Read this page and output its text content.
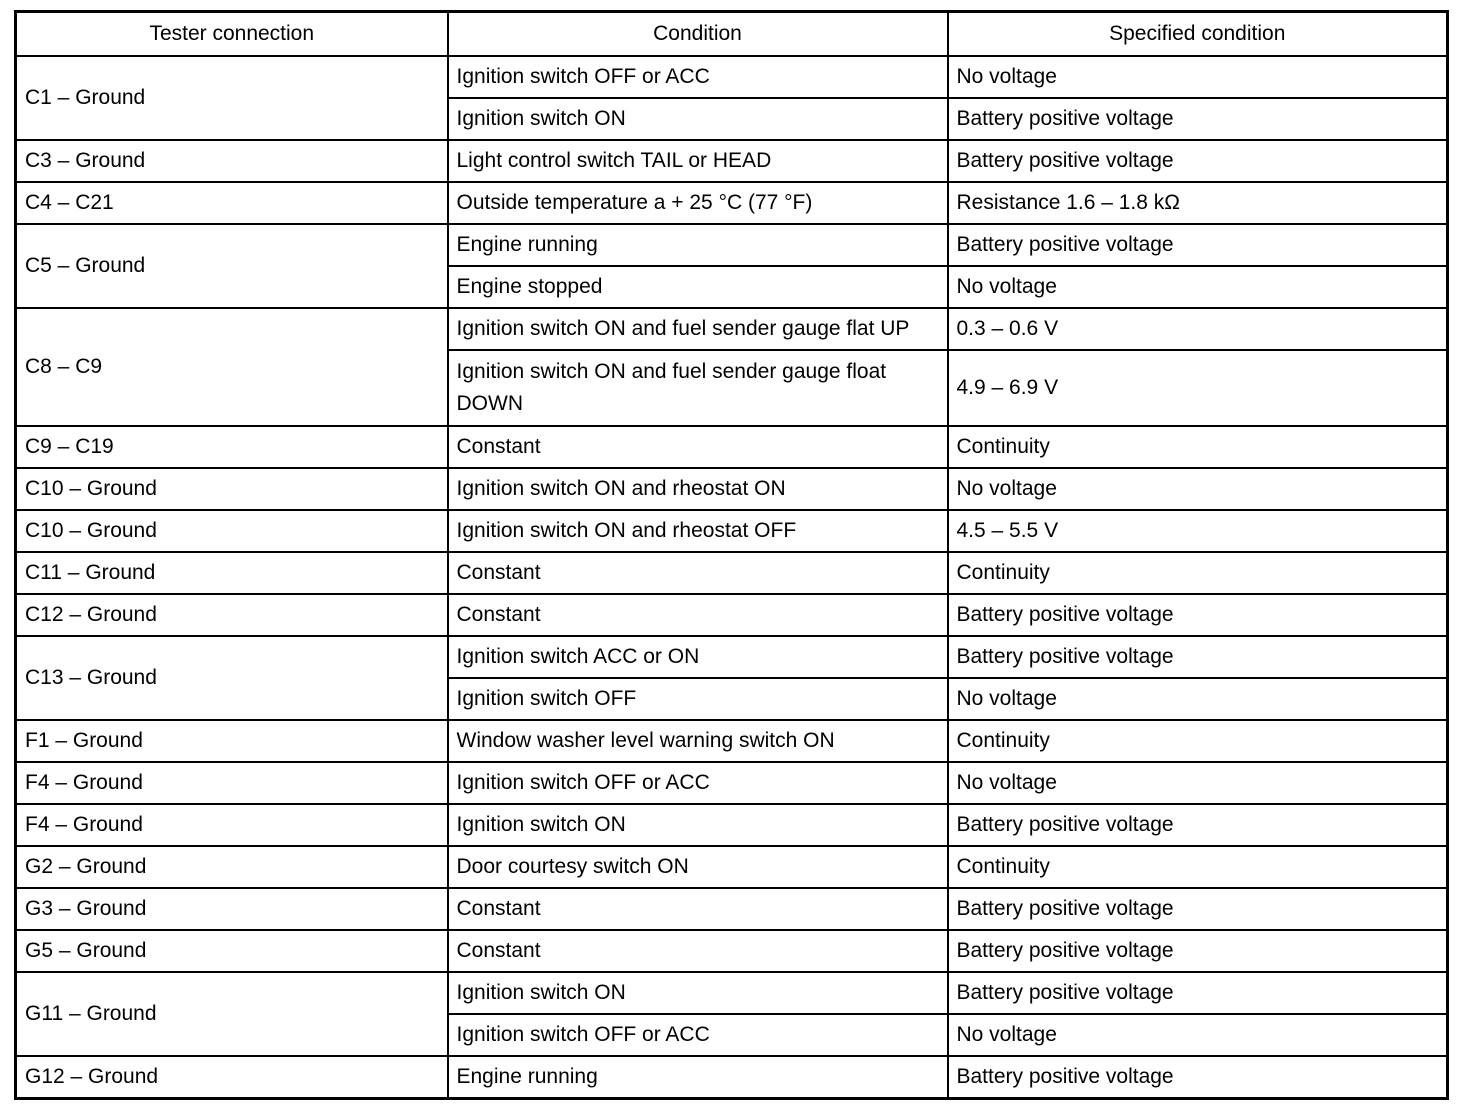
Tester connection	Condition	Specified condition
C1 – Ground	Ignition switch OFF or ACC	No voltage
	Ignition switch ON	Battery positive voltage
C3 – Ground	Light control switch TAIL or HEAD	Battery positive voltage
C4 – C21	Outside temperature a + 25 °C (77 °F)	Resistance 1.6 – 1.8 kΩ
C5 – Ground	Engine running	Battery positive voltage
	Engine stopped	No voltage
C8 – C9	Ignition switch ON and fuel sender gauge flat UP	0.3 – 0.6 V
	Ignition switch ON and fuel sender gauge float DOWN	4.9 – 6.9 V
C9 – C19	Constant	Continuity
C10 – Ground	Ignition switch ON and rheostat ON	No voltage
C10 – Ground	Ignition switch ON and rheostat OFF	4.5 – 5.5 V
C11 – Ground	Constant	Continuity
C12 – Ground	Constant	Battery positive voltage
C13 – Ground	Ignition switch ACC or ON	Battery positive voltage
	Ignition switch OFF	No voltage
F1 – Ground	Window washer level warning switch ON	Continuity
F4 – Ground	Ignition switch OFF or ACC	No voltage
F4 – Ground	Ignition switch ON	Battery positive voltage
G2 – Ground	Door courtesy switch ON	Continuity
G3 – Ground	Constant	Battery positive voltage
G5 – Ground	Constant	Battery positive voltage
G11 – Ground	Ignition switch ON	Battery positive voltage
	Ignition switch OFF or ACC	No voltage
G12 – Ground	Engine running	Battery positive voltage
